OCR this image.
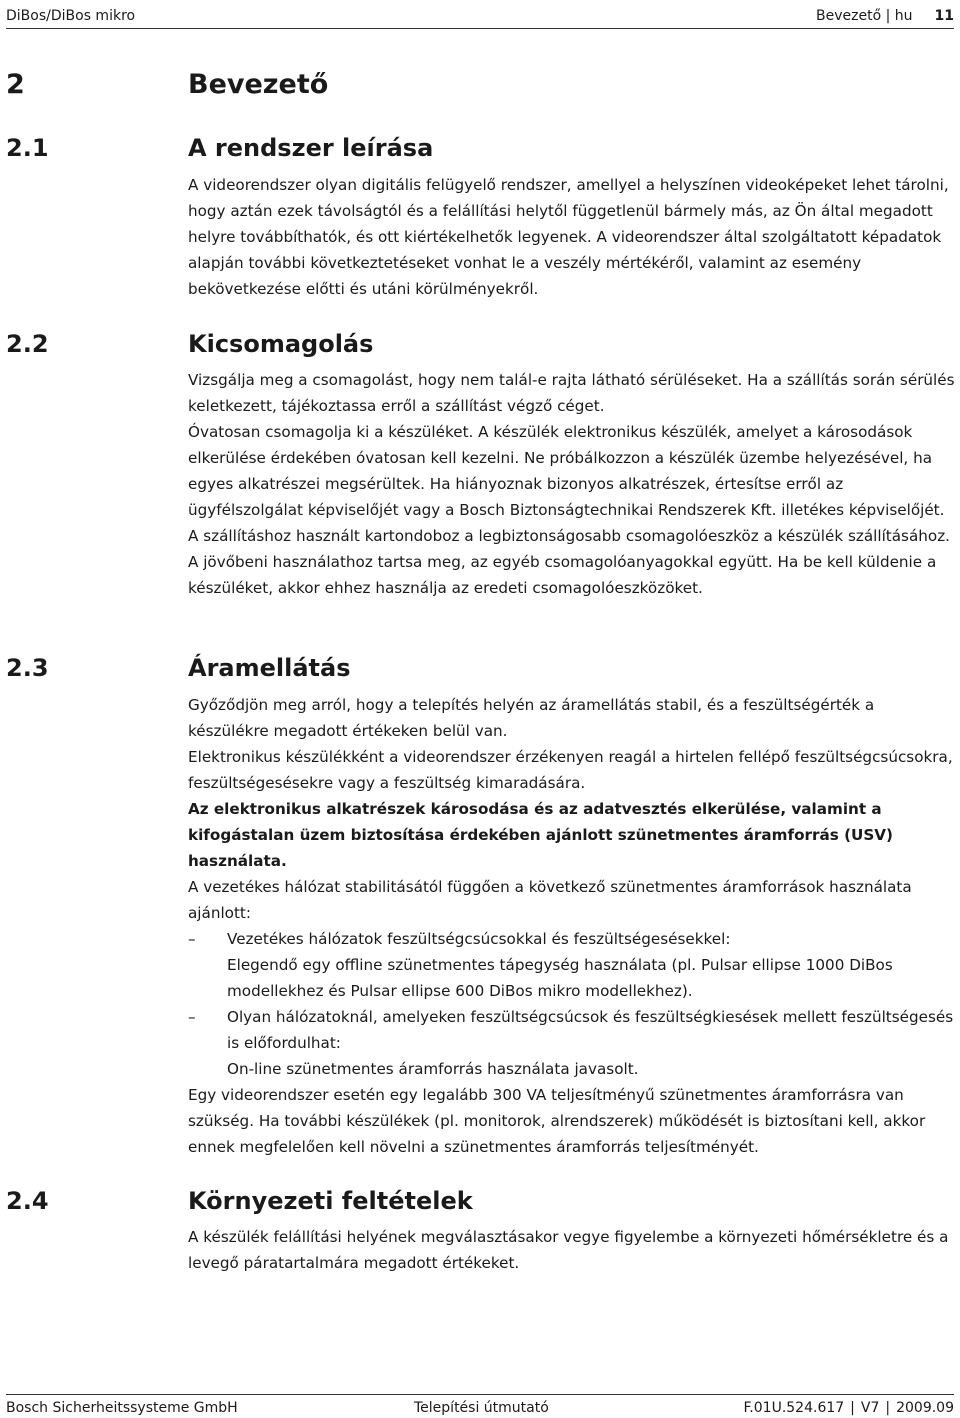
DiBos/DiBos mikro	Bevezető | hu 11
2	Bevezető
2.1	A rendszer leírása

A videorendszer olyan digitális felügyelő rendszer, amellyel a helyszínen videoképeket lehet tárolni, hogy aztán ezek távolságtól és a felállítási helytől függetlenül bármely más, az Ön által megadott helyre továbbíthatók, és ott kiértékelhetők legyenek. A videorendszer által szolgáltatott képadatok alapján további következtetéseket vonhat le a veszély mértékéről, valamint az esemény bekövetkezése előtti és utáni körülményekről.

2.2	Kicsomagolás

Vizsgálja meg a csomagolást, hogy nem talál-e rajta látható sérüléseket. Ha a szállítás során sérülés keletkezett, tájékoztassa erről a szállítást végző céget.

Óvatosan csomagolja ki a készüléket. A készülék elektronikus készülék, amelyet a károsodások elkerülése érdekében óvatosan kell kezelni. Ne próbálkozzon a készülék üzembe helyezésével, ha egyes alkatrészei megsérültek. Ha hiányoznak bizonyos alkatrészek, értesítse erről az ügyfélszolgálat képviselőjét vagy a Bosch Biztonságtechnikai Rendszerek Kft. illetékes képviselőjét.

A szállításhoz használt kartondoboz a legbiztonságosabb csomagolóeszköz a készülék szállításához. A jövőbeni használathoz tartsa meg, az egyéb csomagolóanyagokkal együtt. Ha be kell küldenie a készüléket, akkor ehhez használja az eredeti csomagolóeszközöket.

2.3	Áramellátás

Győződjön meg arról, hogy a telepítés helyén az áramellátás stabil, és a feszültségérték a készülékre megadott értékeken belül van.

Elektronikus készülékként a videorendszer érzékenyen reagál a hirtelen fellépő feszültségcsúcsokra, feszültségesésekre vagy a feszültség kimaradására.

Az elektronikus alkatrészek károsodása és az adatvesztés elkerülése, valamint a kifogástalan üzem biztosítása érdekében ajánlott szünetmentes áramforrás (USV) használata.

A vezetékes hálózat stabilitásától függően a következő szünetmentes áramforrások használata ajánlott:

– Vezetékes hálózatok feszültségcsúcsokkal és feszültségesésekkel:

Elegendő egy offline szünetmentes tápegység használata (pl. Pulsar ellipse 1000 DiBos modellekhez és Pulsar ellipse 600 DiBos mikro modellekhez).

– Olyan hálózatoknál, amelyeken feszültségcsúcsok és feszültségkiesések mellett feszültségesés is előfordulhat:

On-line szünetmentes áramforrás használata javasolt.

Egy videorendszer esetén egy legalább 300 VA teljesítményű szünetmentes áramforrásra van szükség. Ha további készülékek (pl. monitorok, alrendszerek) működését is biztosítani kell, akkor ennek megfelelően kell növelni a szünetmentes áramforrás teljesítményét.

2.4	Környezeti feltételek

A készülék felállítási helyének megválasztásakor vegye figyelembe a környezeti hőmérsékletre és a levegő páratartalmára megadott értékeket.

Bosch Sicherheitssysteme GmbH	Telepítési útmutató	F.01U.524.617 | V7 | 2009.09
